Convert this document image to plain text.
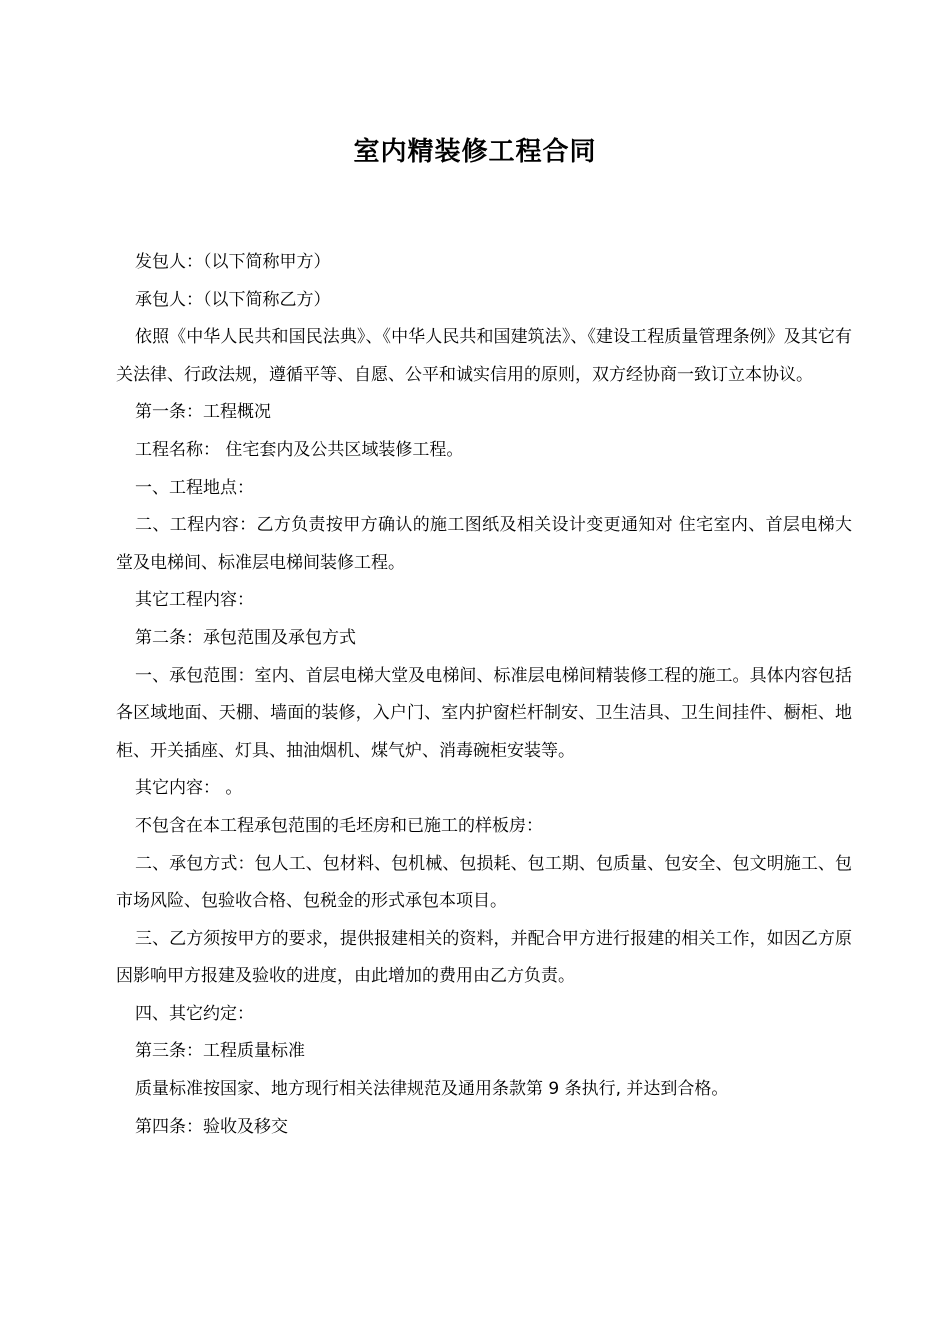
室内精装修工程合同

发包人：（以下简称甲方）

承包人：（以下简称乙方）

依照《中华人民共和国民法典》、《中华人民共和国建筑法》、《建设工程质量管理条例》及其它有关法律、行政法规，遵循平等、自愿、公平和诚实信用的原则，双方经协商一致订立本协议。

第一条：工程概况

工程名称： 住宅套内及公共区域装修工程。

一、工程地点：

二、工程内容：乙方负责按甲方确认的施工图纸及相关设计变更通知对 住宅室内、首层电梯大堂及电梯间、标准层电梯间装修工程。

其它工程内容：

第二条：承包范围及承包方式

一、承包范围：室内、首层电梯大堂及电梯间、标准层电梯间精装修工程的施工。具体内容包括各区域地面、天棚、墙面的装修，入户门、室内护窗栏杆制安、卫生洁具、卫生间挂件、橱柜、地柜、开关插座、灯具、抽油烟机、煤气炉、消毒碗柜安装等。

其它内容： 。

不包含在本工程承包范围的毛坯房和已施工的样板房：

二、承包方式：包人工、包材料、包机械、包损耗、包工期、包质量、包安全、包文明施工、包市场风险、包验收合格、包税金的形式承包本项目。

三、乙方须按甲方的要求，提供报建相关的资料，并配合甲方进行报建的相关工作，如因乙方原因影响甲方报建及验收的进度，由此增加的费用由乙方负责。

四、其它约定：

第三条：工程质量标准

质量标准按国家、地方现行相关法律规范及通用条款第 9 条执行, 并达到合格。

第四条：验收及移交
